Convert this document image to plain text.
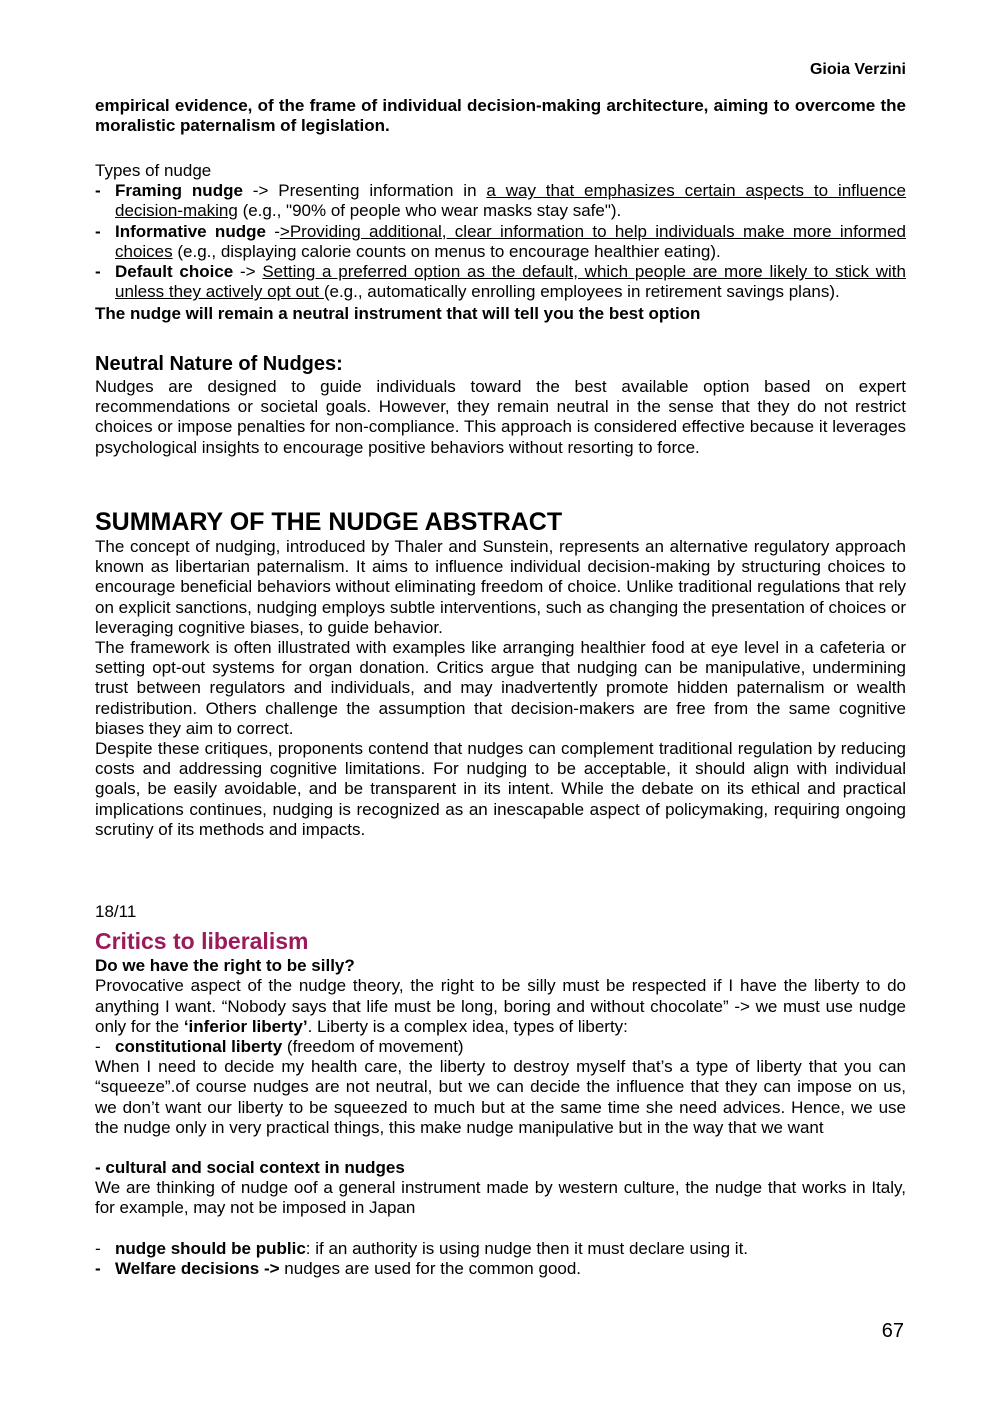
Gioia Verzini

empirical evidence, of the frame of individual decision-making architecture, aiming to overcome the moralistic paternalism of legislation.

Types of nudge

- Framing nudge -> Presenting information in a way that emphasizes certain aspects to influence decision-making (e.g., "90% of people who wear masks stay safe").
- Informative nudge ->Providing additional, clear information to help individuals make more informed choices (e.g., displaying calorie counts on menus to encourage healthier eating).
- Default choice -> Setting a preferred option as the default, which people are more likely to stick with unless they actively opt out (e.g., automatically enrolling employees in retirement savings plans).

The nudge will remain a neutral instrument that will tell you the best option

Neutral Nature of Nudges:

Nudges are designed to guide individuals toward the best available option based on expert recommendations or societal goals. However, they remain neutral in the sense that they do not restrict choices or impose penalties for non-compliance. This approach is considered effective because it leverages psychological insights to encourage positive behaviors without resorting to force.

SUMMARY OF THE NUDGE ABSTRACT

The concept of nudging, introduced by Thaler and Sunstein, represents an alternative regulatory approach known as libertarian paternalism. It aims to influence individual decision-making by structuring choices to encourage beneficial behaviors without eliminating freedom of choice. Unlike traditional regulations that rely on explicit sanctions, nudging employs subtle interventions, such as changing the presentation of choices or leveraging cognitive biases, to guide behavior.

The framework is often illustrated with examples like arranging healthier food at eye level in a cafeteria or setting opt-out systems for organ donation. Critics argue that nudging can be manipulative, undermining trust between regulators and individuals, and may inadvertently promote hidden paternalism or wealth redistribution. Others challenge the assumption that decision-makers are free from the same cognitive biases they aim to correct.

Despite these critiques, proponents contend that nudges can complement traditional regulation by reducing costs and addressing cognitive limitations. For nudging to be acceptable, it should align with individual goals, be easily avoidable, and be transparent in its intent. While the debate on its ethical and practical implications continues, nudging is recognized as an inescapable aspect of policymaking, requiring ongoing scrutiny of its methods and impacts.

18/11

Critics to liberalism

Do we have the right to be silly?

Provocative aspect of the nudge theory, the right to be silly must be respected if I have the liberty to do anything I want. “Nobody says that life must be long, boring and without chocolate” -> we must use nudge only for the ‘inferior liberty’. Liberty is a complex idea, types of liberty:

- constitutional liberty (freedom of movement)

When I need to decide my health care, the liberty to destroy myself that’s a type of liberty that you can “squeeze”.of course nudges are not neutral, but we can decide the influence that they can impose on us, we don’t want our liberty to be squeezed to much but at the same time she need advices. Hence, we use the nudge only in very practical things, this make nudge manipulative but in the way that we want

- cultural and social context in nudges

We are thinking of nudge oof a general instrument made by western culture, the nudge that works in Italy, for example, may not be imposed in Japan

- nudge should be public: if an authority is using nudge then it must declare using it.
- Welfare decisions -> nudges are used for the common good.
67
